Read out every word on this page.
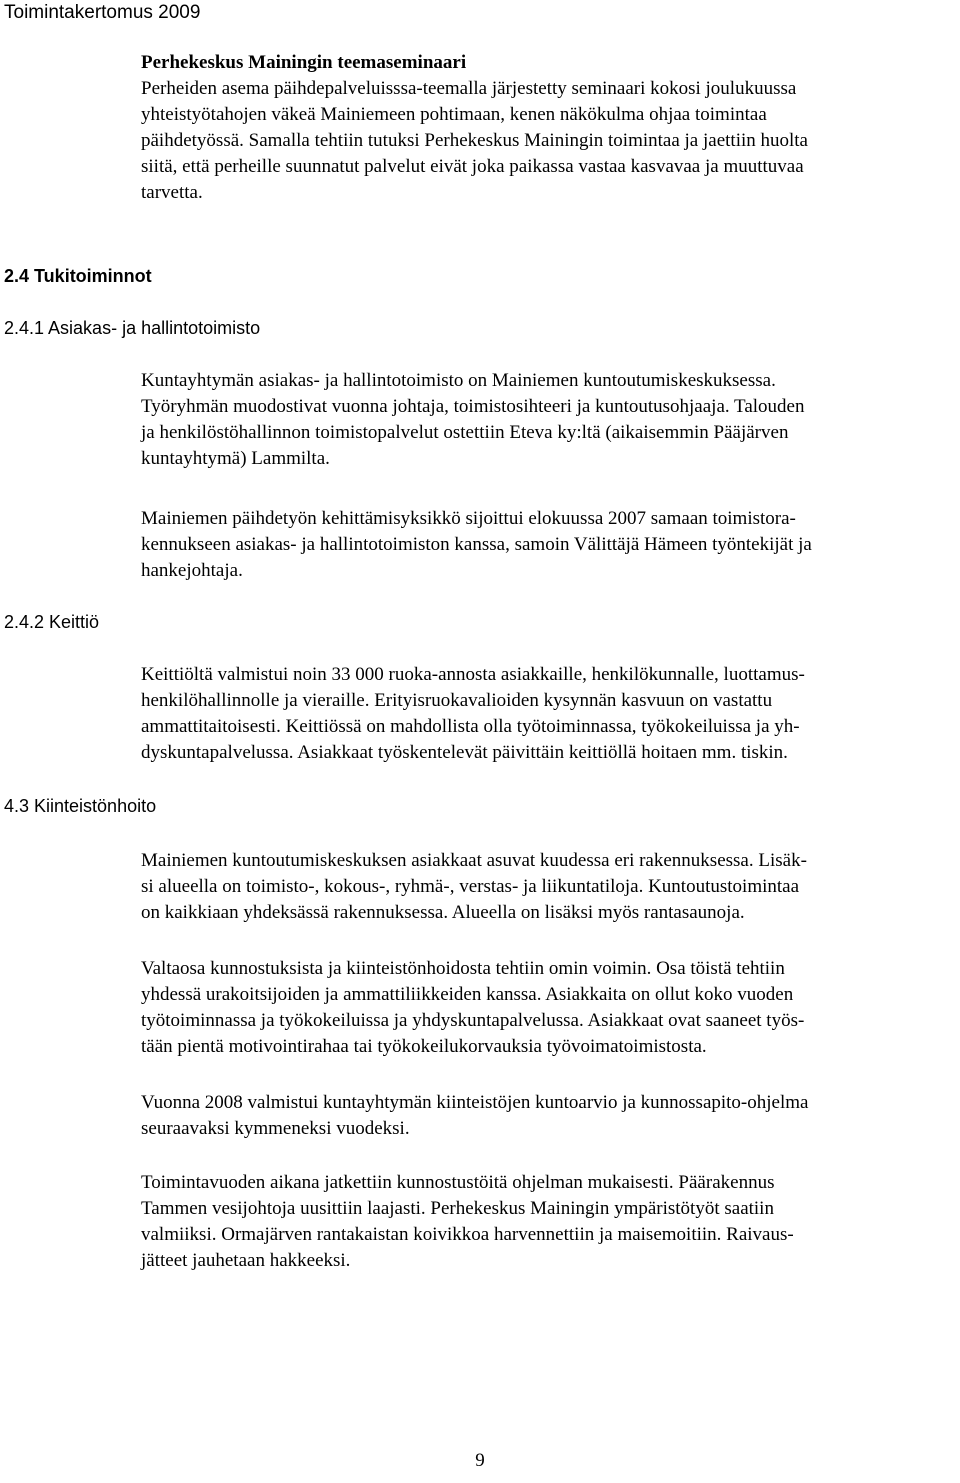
Toimintakertomus 2009
Perhekeskus Mainingin teemaseminaari
Perheiden asema päihdepalveluisssa-teemalla järjestetty seminaari kokosi joulukuussa
yhteistyötahojen väkeä Mainiemeen pohtimaan, kenen näkökulma ohjaa toimintaa
päihdetyössä. Samalla tehtiin tutuksi Perhekeskus Mainingin toimintaa ja jaettiin huolta
siitä, että perheille suunnatut palvelut eivät joka paikassa vastaa kasvavaa ja muuttuvaa
tarvetta.
2.4 Tukitoiminnot
2.4.1 Asiakas- ja hallintotoimisto
Kuntayhtymän asiakas- ja hallintotoimisto on Mainiemen kuntoutumiskeskuksessa.
Työryhmän muodostivat vuonna johtaja, toimistosihteeri ja kuntoutusohjaaja. Talouden
ja henkilöstöhallinnon toimistopalvelut ostettiin Eteva ky:ltä (aikaisemmin Pääjärven
kuntayhtymä) Lammilta.
Mainiemen päihdetyön kehittämisyksikkö sijoittui elokuussa 2007 samaan toimistora-
kennukseen asiakas- ja hallintotoimiston kanssa, samoin Välittäjä Hämeen työntekijät ja
hankejohtaja.
2.4.2 Keittiö
Keittiöltä valmistui noin 33 000 ruoka-annosta asiakkaille, henkilökunnalle, luottamus-
henkilöhallinnolle ja vieraille. Erityisruokavalioiden kysynnän kasvuun on vastattu
ammattitaitoisesti. Keittiössä on mahdollista olla työtoiminnassa, työkokeiluissa ja yh-
dyskuntapalvelussa. Asiakkaat työskentelevät päivittäin keittiöllä hoitaen mm. tiskin.
4.3 Kiinteistönhoito
Mainiemen kuntoutumiskeskuksen asiakkaat asuvat kuudessa eri rakennuksessa. Lisäk-
si alueella on toimisto-, kokous-, ryhmä-, verstas- ja liikuntatiloja. Kuntoutustoimintaa
on kaikkiaan yhdeksässä rakennuksessa. Alueella on lisäksi myös rantasaunoja.
Valtaosa kunnostuksista ja kiinteistönhoidosta tehtiin omin voimin. Osa töistä tehtiin
yhdessä urakoitsijoiden ja ammattiliikkeiden kanssa. Asiakkaita on ollut koko vuoden
työtoiminnassa ja työkokeiluissa ja yhdyskuntapalvelussa. Asiakkaat ovat saaneet työs-
tään pientä motivointirahaa tai työkokeilukorvauksia työvoimatoimistosta.
Vuonna 2008 valmistui kuntayhtymän kiinteistöjen kuntoarvio ja kunnossapito-ohjelma
seuraavaksi kymmeneksi vuodeksi.
Toimintavuoden aikana jatkettiin kunnostustöitä ohjelman mukaisesti. Päärakennus
Tammen vesijohtoja uusittiin laajasti. Perhekeskus Mainingin ympäristötyöt saatiin
valmiiksi. Ormajärven rantakaistan koivikkoa harvennettiin ja maisemoitiin. Raivaus-
jätteet jauhetaan hakkeeksi.
9
